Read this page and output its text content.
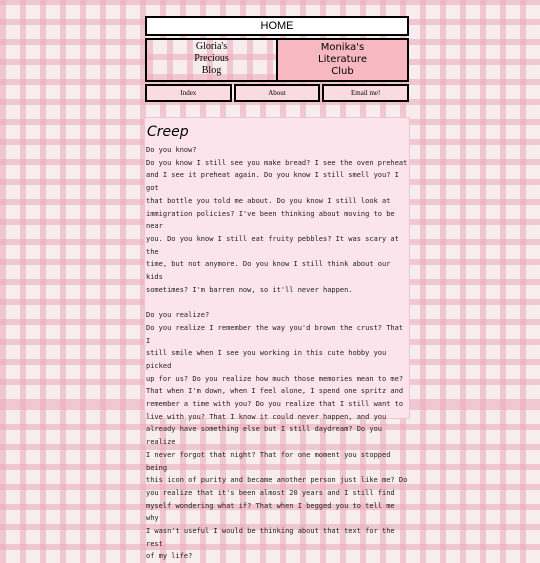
HOME
Gloria's
Precious
Blog
Monika's
Literature
Club
Index	About	Email me!
Creep

Do you know?

Do you know I still see you make bread? I see the oven preheat

and I see it preheat again. Do you know I still smell you? I got

that bottle you told me about. Do you know I still look at

immigration policies? I've been thinking about moving to be near

you. Do you know I still eat fruity pebbles? It was scary at the

time, but not anymore. Do you know I still think about our kids

sometimes? I'm barren now, so it'll never happen.

Do you realize?

Do you realize I remember the way you'd brown the crust? That I

still smile when I see you working in this cute hobby you picked

up for us? Do you realize how much those memories mean to me?

That when I'm down, when I feel alone, I spend one spritz and

remember a time with you? Do you realize that I still want to

live with you? That I know it could never happen, and you

already have something else but I still daydream? Do you realize

I never forgot that night? That for one moment you stopped being

this icon of purity and became another person just like me? Do

you realize that it's been almost 20 years and I still find

myself wondering what if? That when I begged you to tell me why

I wasn't useful I would be thinking about that text for the rest

of my life?
